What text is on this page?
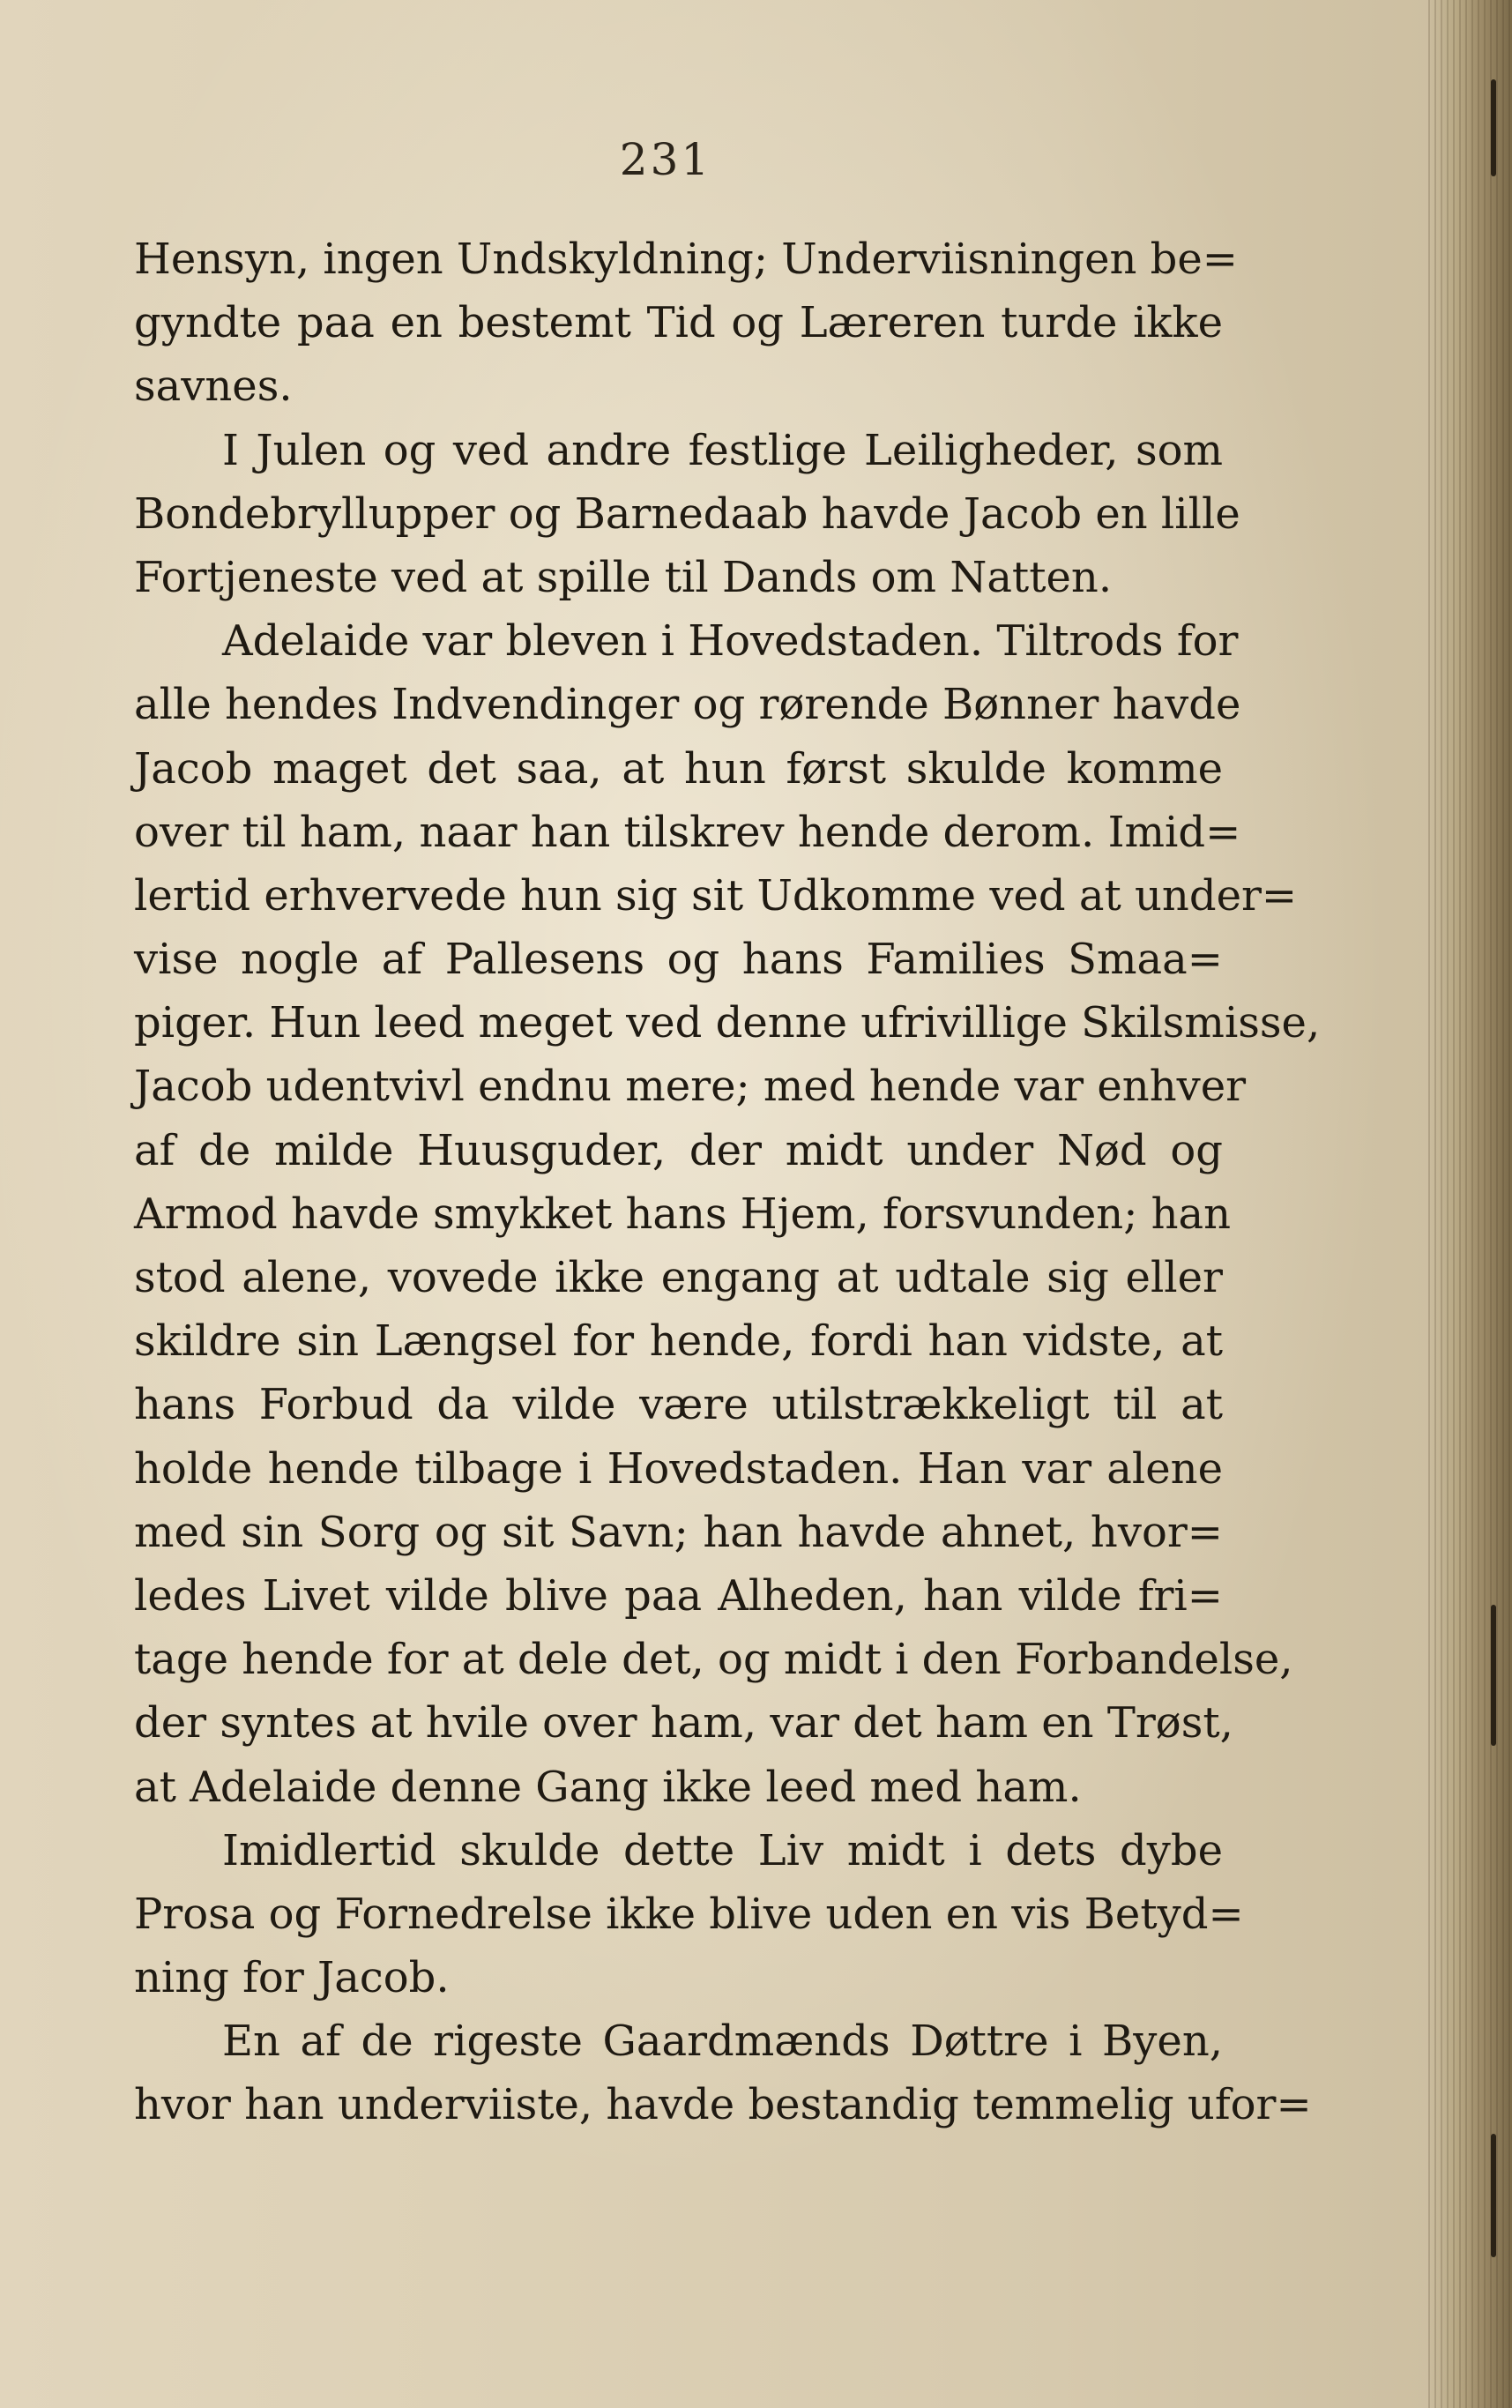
231
Hensyn, ingen Undskyldning; Underviisningen be=
gyndte paa en bestemt Tid og Læreren turde ikke
savnes.
I Julen og ved andre festlige Leiligheder, som
Bondebryllupper og Barnedaab havde Jacob en lille
Fortjeneste ved at spille til Dands om Natten.
Adelaide var bleven i Hovedstaden. Tiltrods for
alle hendes Indvendinger og rørende Bønner havde
Jacob maget det saa, at hun først skulde komme
over til ham, naar han tilskrev hende derom. Imid=
lertid erhvervede hun sig sit Udkomme ved at under=
vise nogle af Pallesens og hans Families Smaa=
piger. Hun leed meget ved denne ufrivillige Skilsmisse,
Jacob udentvivl endnu mere; med hende var enhver
af de milde Huusguder, der midt under Nød og
Armod havde smykket hans Hjem, forsvunden; han
stod alene, vovede ikke engang at udtale sig eller
skildre sin Længsel for hende, fordi han vidste, at
hans Forbud da vilde være utilstrækkeligt til at
holde hende tilbage i Hovedstaden. Han var alene
med sin Sorg og sit Savn; han havde ahnet, hvor=
ledes Livet vilde blive paa Alheden, han vilde fri=
tage hende for at dele det, og midt i den Forbandelse,
der syntes at hvile over ham, var det ham en Trøst,
at Adelaide denne Gang ikke leed med ham.
Imidlertid skulde dette Liv midt i dets dybe
Prosa og Fornedrelse ikke blive uden en vis Betyd=
ning for Jacob.
En af de rigeste Gaardmænds Døttre i Byen,
hvor han underviiste, havde bestandig temmelig ufor=
